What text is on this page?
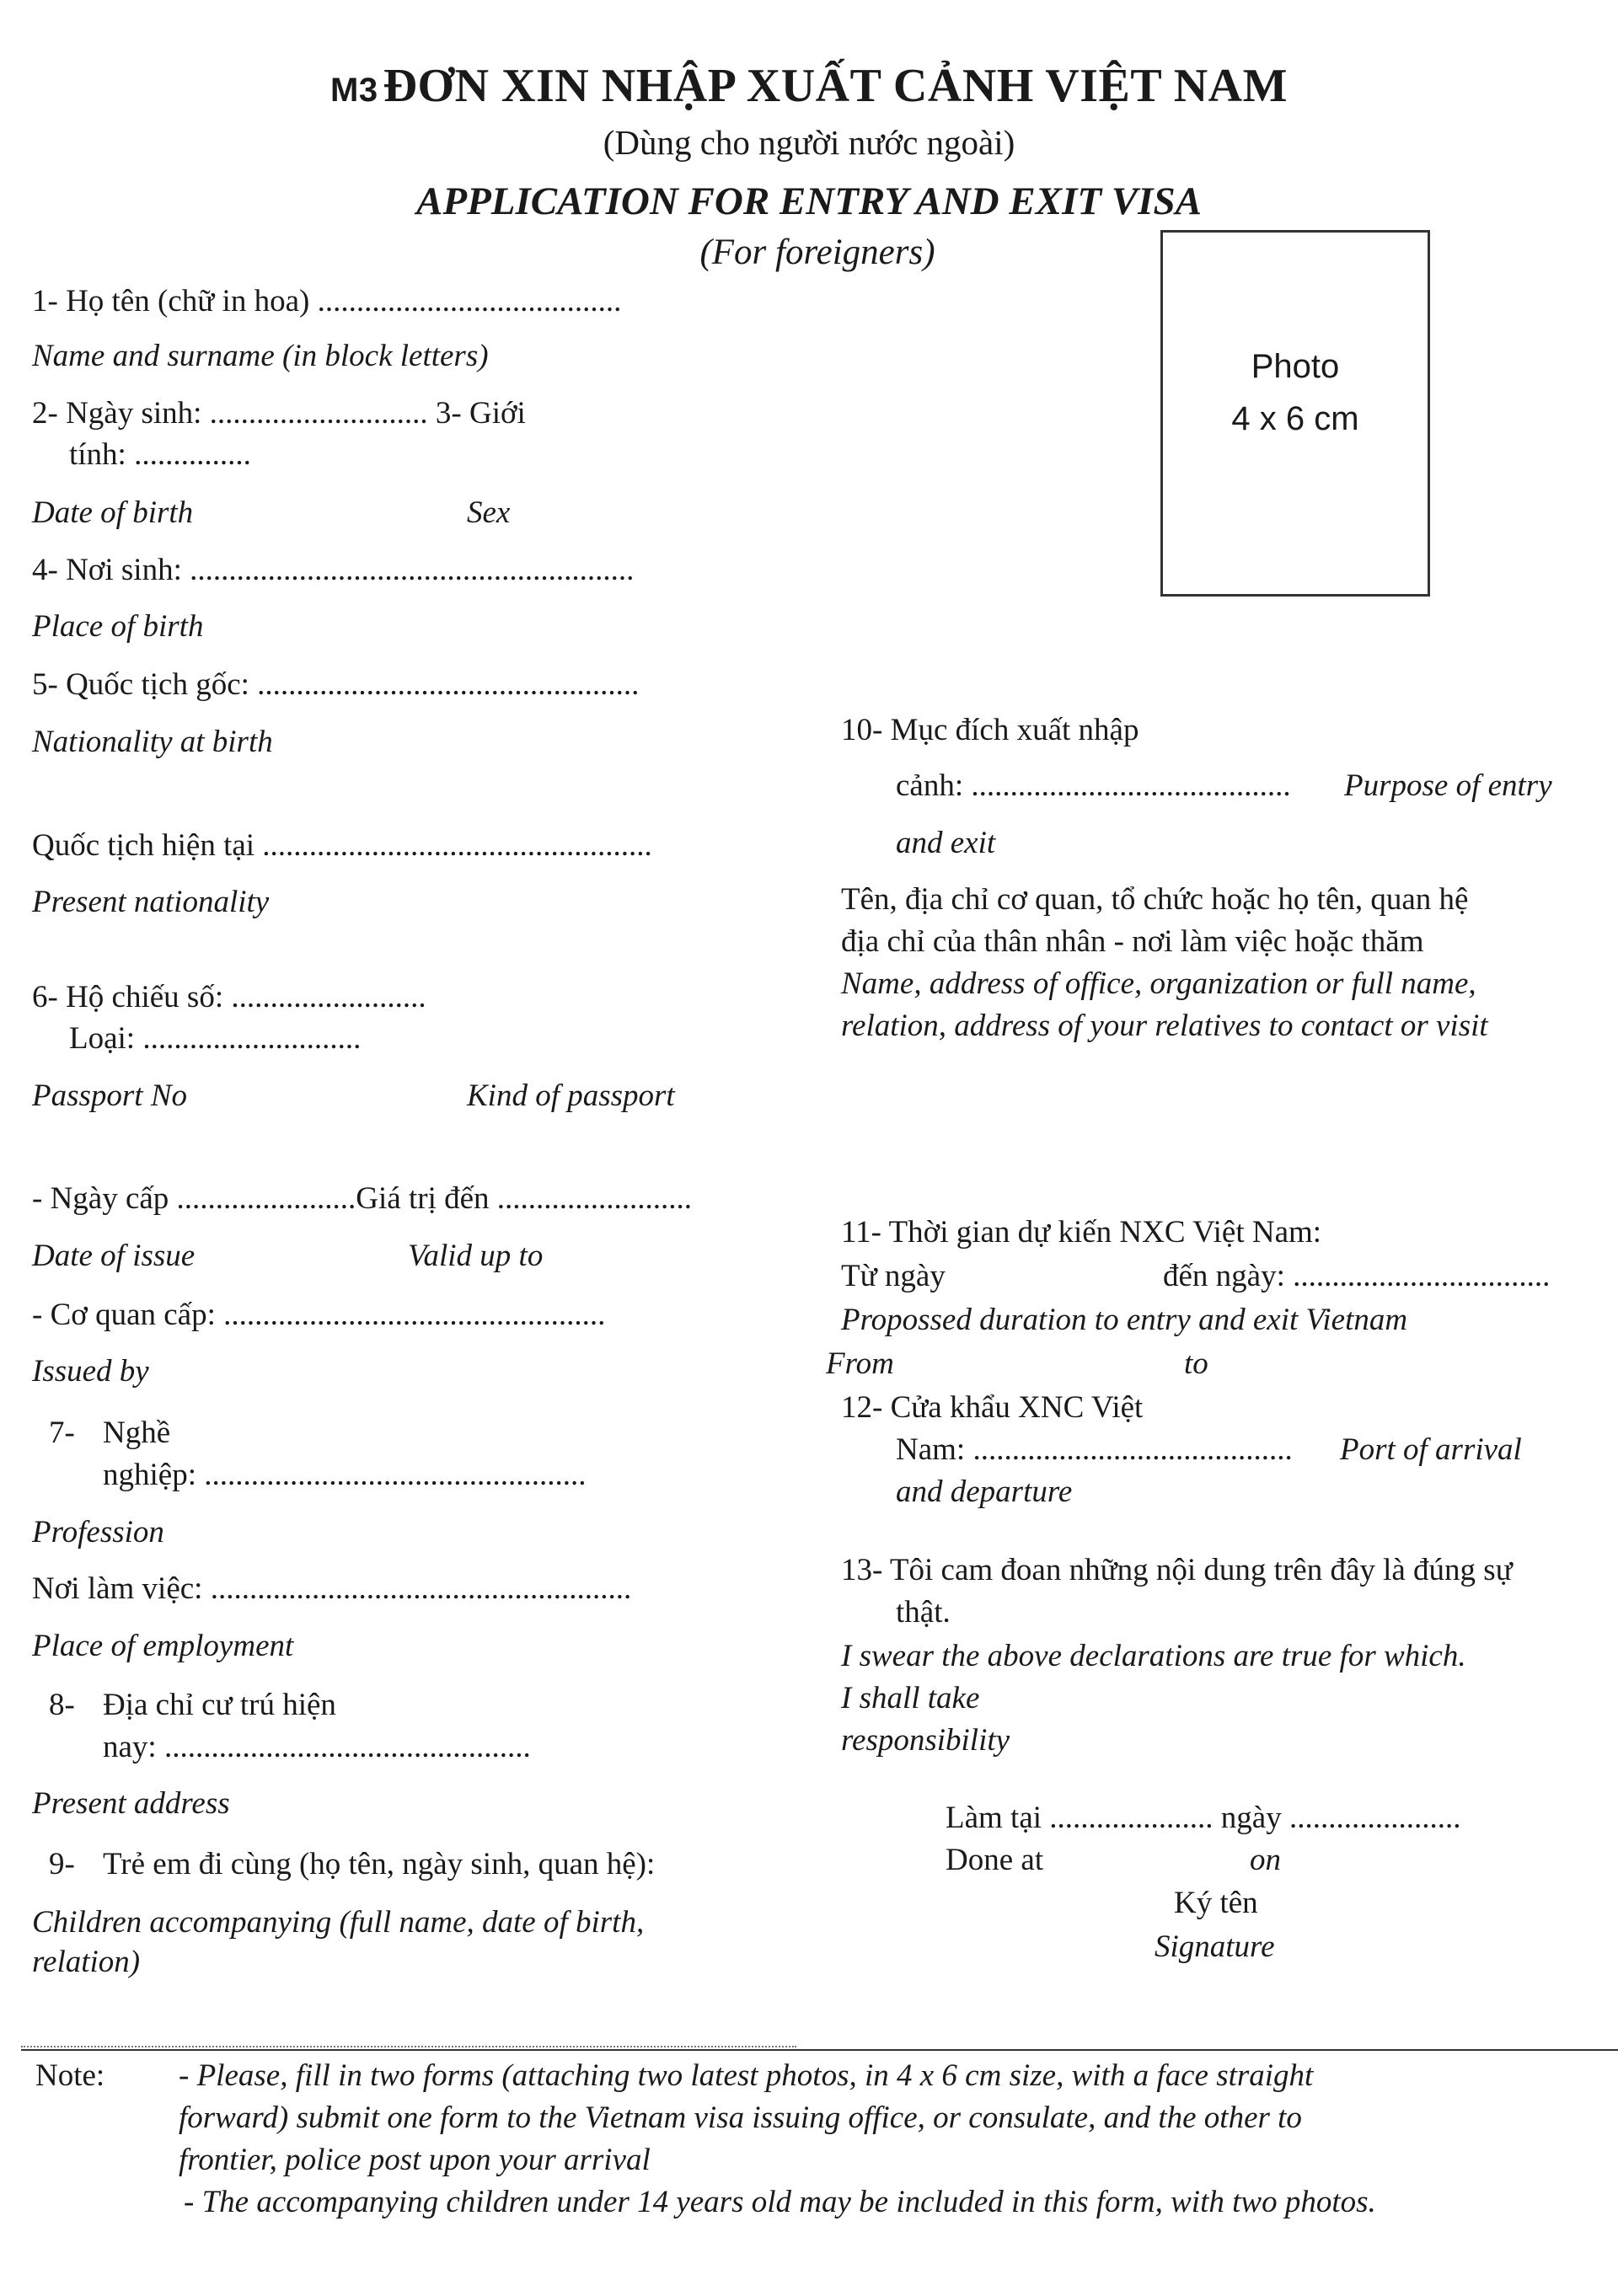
M3 ĐƠN XIN NHẬP XUẤT CẢNH VIỆT NAM
(Dùng cho người nước ngoài)
APPLICATION FOR ENTRY AND EXIT VISA
(For foreigners)
Photo
4 x 6 cm
1- Họ tên (chữ in hoa) .......................................
Name and surname (in block letters)
2- Ngày sinh: ............................ 3- Giới
tính: ...............
Date of birth	Sex
4- Nơi sinh: .........................................................
Place of birth
5- Quốc tịch gốc: .................................................
Nationality at birth
Quốc tịch hiện tại ..................................................
Present nationality
6- Hộ chiếu số: .........................
Loại: ............................
Passport No	Kind of passport
- Ngày cấp .......................Giá trị đến .........................
Date of issue	Valid up to
- Cơ quan cấp: .................................................
Issued by
7- Nghề
nghiệp: .................................................
Profession
Nơi làm việc: ......................................................
Place of employment
8- Địa chỉ cư trú hiện
nay: ...............................................
Present address
9- Trẻ em đi cùng (họ tên, ngày sinh, quan hệ):
Children accompanying (full name, date of birth,
relation)
10- Mục đích xuất nhập
cảnh: ......................................... Purpose of entry
and exit
Tên, địa chỉ cơ quan, tổ chức hoặc họ tên, quan hệ
địa chỉ của thân nhân - nơi làm việc hoặc thăm
Name, address of office, organization or full name,
relation, address of your relatives to contact or visit
11- Thời gian dự kiến NXC Việt Nam:
Từ ngày	đến ngày: .................................
Propossed duration to entry and exit Vietnam
From	to
12- Cửa khẩu XNC Việt
Nam: ......................................... Port of arrival
and departure
13- Tôi cam đoan những nội dung trên đây là đúng sự
thật.
I swear the above declarations are true for which.
I shall take
responsibility
Làm tại ..................... ngày ......................
Done at	on
Ký tên
Signature
Note: - Please, fill in two forms (attaching two latest photos, in 4 x 6 cm size, with a face straight
forward) submit one form to the Vietnam visa issuing office, or consulate, and the other to
frontier, police post upon your arrival
- The accompanying children under 14 years old may be included in this form, with two photos.
